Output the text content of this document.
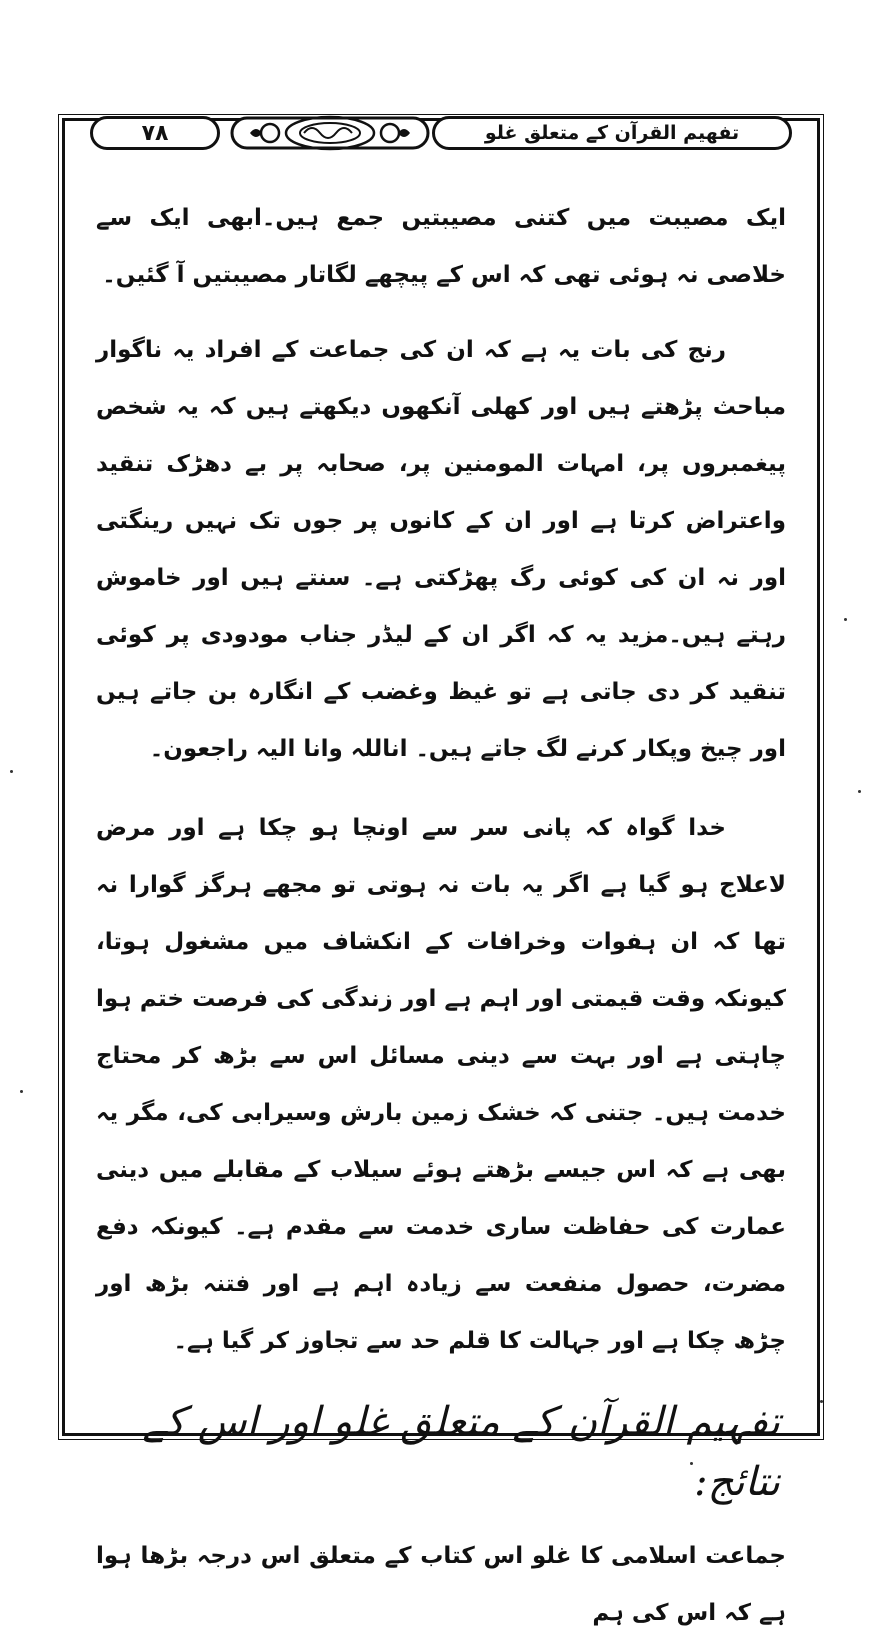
۷۸	تفهیم القرآن کے متعلق غلو

ایک مصیبت میں کتنی مصیبتیں جمع ہیں۔ابھی ایک سے خلاصی نہ ہوئی تھی کہ اس کے پیچھے لگاتار مصیبتیں آ گئیں۔

رنج کی بات یہ ہے کہ ان کی جماعت کے افراد یہ ناگوار مباحث پڑھتے ہیں اور کھلی آنکھوں دیکھتے ہیں کہ یہ شخص پیغمبروں پر، امہات المومنین پر، صحابہ پر بے دھڑک تنقید واعتراض کرتا ہے اور ان کے کانوں پر جوں تک نہیں رینگتی اور نہ ان کی کوئی رگ پھڑکتی ہے۔ سنتے ہیں اور خاموش رہتے ہیں۔مزید یہ کہ اگر ان کے لیڈر جناب مودودی پر کوئی تنقید کر دی جاتی ہے تو غیظ وغضب کے انگارہ بن جاتے ہیں اور چیخ وپکار کرنے لگ جاتے ہیں۔ اناللہ وانا الیہ راجعون۔

خدا گواہ کہ پانی سر سے اونچا ہو چکا ہے اور مرض لاعلاج ہو گیا ہے اگر یہ بات نہ ہوتی تو مجھے ہرگز گوارا نہ تھا کہ ان ہفوات وخرافات کے انکشاف میں مشغول ہوتا، کیونکہ وقت قیمتی اور اہم ہے اور زندگی کی فرصت ختم ہوا چاہتی ہے اور بہت سے دینی مسائل اس سے بڑھ کر محتاج خدمت ہیں۔ جتنی کہ خشک زمین بارش وسیرابی کی، مگر یہ بھی ہے کہ اس جیسے بڑھتے ہوئے سیلاب کے مقابلے میں دینی عمارت کی حفاظت ساری خدمت سے مقدم ہے۔ کیونکہ دفع مضرت، حصول منفعت سے زیادہ اہم ہے اور فتنہ بڑھ اور چڑھ چکا ہے اور جہالت کا قلم حد سے تجاوز کر گیا ہے۔

تفہیم القرآن کے متعلق غلو اور اس کے نتائج:

جماعت اسلامی کا غلو اس کتاب کے متعلق اس درجہ بڑھا ہوا ہے کہ اس کی ہم
